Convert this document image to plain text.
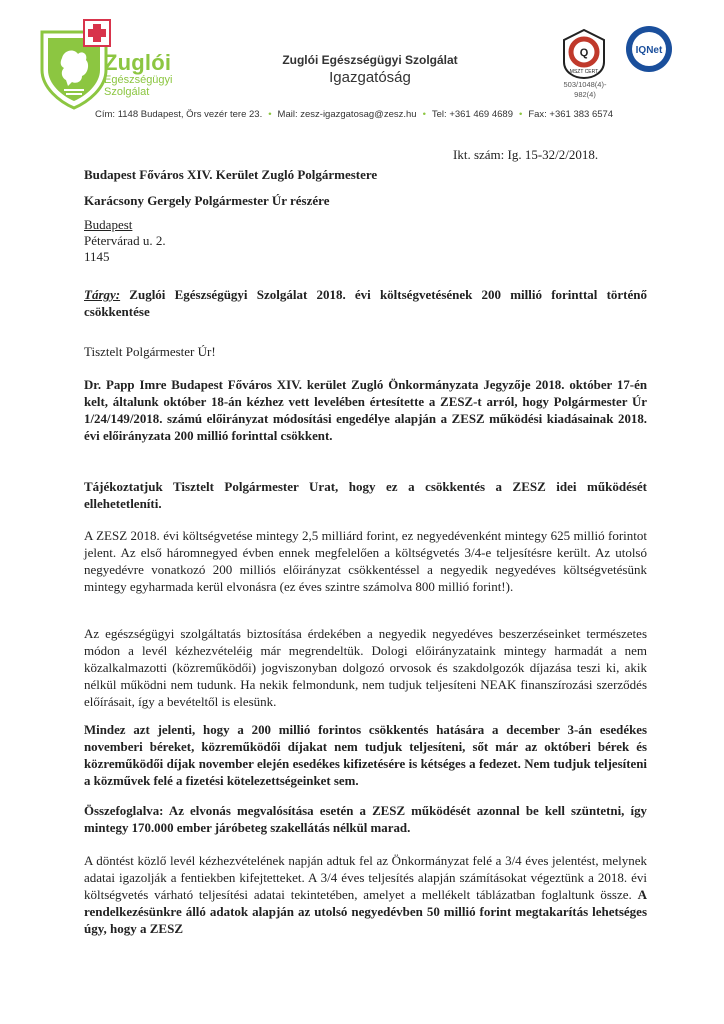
Zuglói
Egészségügyi
Szolgálat
Zuglói Egészségügyi Szolgálat
Igazgatóság
Q
MSZT CERT
503/1048(4)-
982(4)
IQNet
Cím: 1148 Budapest, Örs vezér tere 23. • Mail: zesz-igazgatosag@zesz.hu • Tel: +361 469 4689 • Fax: +361 383 6574
Ikt. szám: Ig. 15-32/2/2018.
Budapest Főváros XIV. Kerület Zugló Polgármestere
Karácsony Gergely Polgármester Úr részére
Budapest
Pétervárad u. 2.
1145
Tárgy: Zuglói Egészségügyi Szolgálat 2018. évi költségvetésének 200 millió forinttal történő csökkentése
Tisztelt Polgármester Úr!

Dr. Papp Imre Budapest Főváros XIV. kerület Zugló Önkormányzata Jegyzője 2018. október 17-én kelt, általunk október 18-án kézhez vett levelében értesítette a ZESZ-t arról, hogy Polgármester Úr 1/24/149/2018. számú előirányzat módosítási engedélye alapján a ZESZ működési kiadásainak 2018. évi előirányzata 200 millió forinttal csökkent.

Tájékoztatjuk Tisztelt Polgármester Urat, hogy ez a csökkentés a ZESZ idei működését ellehetetleníti.

A ZESZ 2018. évi költségvetése mintegy 2,5 milliárd forint, ez negyedévenként mintegy 625 millió forintot jelent. Az első háromnegyed évben ennek megfelelően a költségvetés 3/4-e teljesítésre került. Az utolsó negyedévre vonatkozó 200 milliós előirányzat csökkentéssel a negyedik negyedéves költségvetésünk mintegy egyharmada kerül elvonásra (ez éves szintre számolva 800 millió forint!).

Az egészségügyi szolgáltatás biztosítása érdekében a negyedik negyedéves beszerzéseinket természetes módon a levél kézhezvételéig már megrendeltük. Dologi előirányzataink mintegy harmadát a nem közalkalmazotti (közreműködői) jogviszonyban dolgozó orvosok és szakdolgozók díjazása teszi ki, akik nélkül működni nem tudunk. Ha nekik felmondunk, nem tudjuk teljesíteni NEAK finanszírozási szerződés előírásait, így a bevételtől is elesünk.

Mindez azt jelenti, hogy a 200 millió forintos csökkentés hatására a december 3-án esedékes novemberi béreket, közreműködői díjakat nem tudjuk teljesíteni, sőt már az októberi bérek és közreműködői díjak november elején esedékes kifizetésére is kétséges a fedezet. Nem tudjuk teljesíteni a közművek felé a fizetési kötelezettségeinket sem.

Összefoglalva: Az elvonás megvalósítása esetén a ZESZ működését azonnal be kell szüntetni, így mintegy 170.000 ember járóbeteg szakellátás nélkül marad.

A döntést közlő levél kézhezvételének napján adtuk fel az Önkormányzat felé a 3/4 éves jelentést, melynek adatai igazolják a fentiekben kifejtetteket. A 3/4 éves teljesítés alapján számításokat végeztünk a 2018. évi költségvetés várható teljesítési adatai tekintetében, amelyet a mellékelt táblázatban foglaltunk össze. A rendelkezésünkre álló adatok alapján az utolsó negyedévben 50 millió forint megtakarítás lehetséges úgy, hogy a ZESZ
